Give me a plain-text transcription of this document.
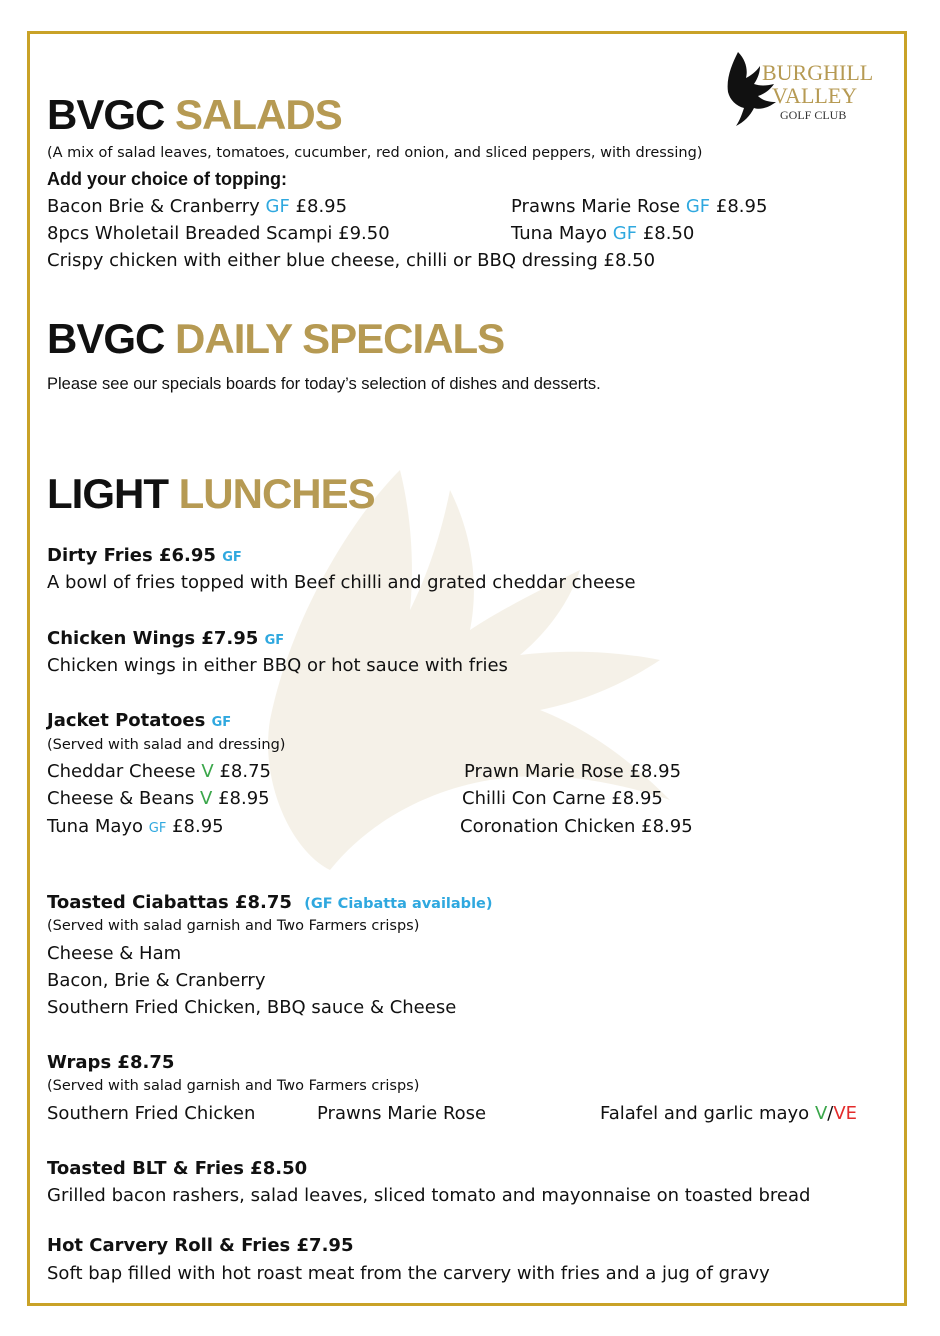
BURGHILL
VALLEY
GOLF CLUB
BVGC SALADS
(A mix of salad leaves, tomatoes, cucumber, red onion, and sliced peppers, with dressing)
Add your choice of topping:
Bacon Brie & Cranberry GF £8.95	Prawns Marie Rose GF £8.95
8pcs Wholetail Breaded Scampi £9.50	Tuna Mayo GF £8.50
Crispy chicken with either blue cheese, chilli or BBQ dressing £8.50
BVGC DAILY SPECIALS
Please see our specials boards for today’s selection of dishes and desserts.
LIGHT LUNCHES
Dirty Fries £6.95 GF
A bowl of fries topped with Beef chilli and grated cheddar cheese
Chicken Wings £7.95 GF
Chicken wings in either BBQ or hot sauce with fries
Jacket Potatoes GF
(Served with salad and dressing)
Cheddar Cheese V £8.75	Prawn Marie Rose £8.95
Cheese & Beans V £8.95	Chilli Con Carne £8.95
Tuna Mayo GF £8.95	Coronation Chicken £8.95
Toasted Ciabattas £8.75 (GF Ciabatta available)
(Served with salad garnish and Two Farmers crisps)
Cheese & Ham
Bacon, Brie & Cranberry
Southern Fried Chicken, BBQ sauce & Cheese
Wraps £8.75
(Served with salad garnish and Two Farmers crisps)
Southern Fried Chicken	Prawns Marie Rose	Falafel and garlic mayo V/VE
Toasted BLT & Fries £8.50
Grilled bacon rashers, salad leaves, sliced tomato and mayonnaise on toasted bread
Hot Carvery Roll & Fries £7.95
Soft bap filled with hot roast meat from the carvery with fries and a jug of gravy
